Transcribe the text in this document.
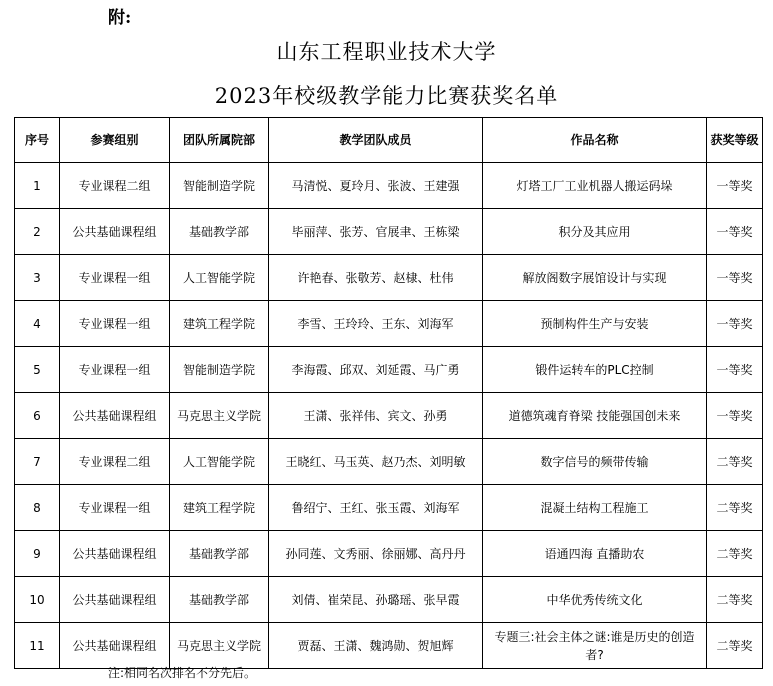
附:

山东工程职业技术大学
2023年校级教学能力比赛获奖名单
序号	参赛组别	团队所属院部	教学团队成员	作品名称	获奖等级
1	专业课程二组	智能制造学院	马清悦、夏玲月、张波、王建强	灯塔工厂工业机器人搬运码垛	一等奖
2	公共基础课程组	基础教学部	毕丽萍、张芳、官展聿、王栋梁	积分及其应用	一等奖
3	专业课程一组	人工智能学院	许艳春、张敬芳、赵棣、杜伟	解放阁数字展馆设计与实现	一等奖
4	专业课程一组	建筑工程学院	李雪、王玲玲、王东、刘海军	预制构件生产与安装	一等奖
5	专业课程一组	智能制造学院	李海霞、邱双、刘延霞、马广勇	锻件运转车的PLC控制	一等奖
6	公共基础课程组	马克思主义学院	王潇、张祥伟、宾文、孙勇	道德筑魂育脊梁 技能强国创未来	一等奖
7	专业课程二组	人工智能学院	王晓红、马玉英、赵乃杰、刘明敏	数字信号的频带传输	二等奖
8	专业课程一组	建筑工程学院	鲁绍宁、王红、张玉霞、刘海军	混凝土结构工程施工	二等奖
9	公共基础课程组	基础教学部	孙同莲、文秀丽、徐丽娜、高丹丹	语通四海 直播助农	二等奖
10	公共基础课程组	基础教学部	刘倩、崔荣昆、孙璐瑶、张早霞	中华优秀传统文化	二等奖
11	公共基础课程组	马克思主义学院	贾磊、王潇、魏鸿勋、贺旭辉	专题三:社会主体之谜:谁是历史的创造者?	二等奖

注:相同名次排名不分先后。
